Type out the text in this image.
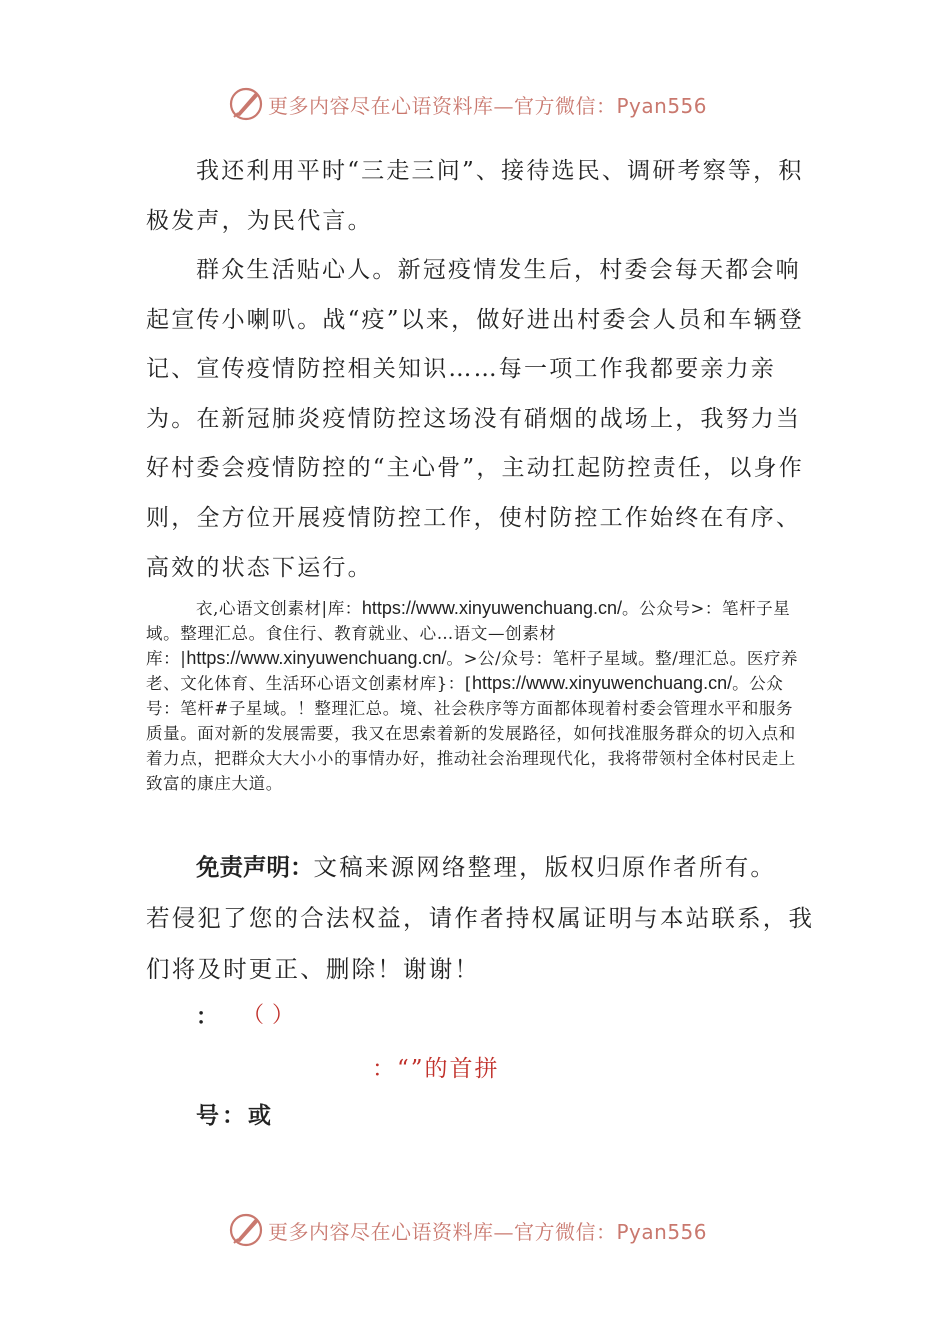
更多内容尽在心语资料库—官方微信：Pyan556

我还利用平时“三走三问”、接待选民、调研考察等，积极发声，为民代言。

群众生活贴心人。新冠疫情发生后，村委会每天都会响起宣传小喇叭。战“疫”以来，做好进出村委会人员和车辆登记、宣传疫情防控相关知识……每一项工作我都要亲力亲为。在新冠肺炎疫情防控这场没有硝烟的战场上，我努力当好村委会疫情防控的“主心骨”，主动扛起防控责任，以身作则，全方位开展疫情防控工作，使村防控工作始终在有序、高效的状态下运行。

衣,心语文创素材|库：https://www.xinyuwenchuang.cn/。公众号>：笔杆子星域。整理汇总。食住行、教育就业、心…语文—创素材库：|https://www.xinyuwenchuang.cn/。>公/众号：笔杆子星域。整/理汇总。医疗养老、文化体育、生活环心语文创素材库}：[https://www.xinyuwenchuang.cn/。公众号：笔杆#子星域。！整理汇总。境、社会秩序等方面都体现着村委会管理水平和服务质量。面对新的发展需要，我又在思索着新的发展路径，如何找准服务群众的切入点和着力点，把群众大大小小的事情办好，推动社会治理现代化，我将带领村全体村民走上致富的康庄大道。

免责声明：文稿来源网络整理，版权归原作者所有。
若侵犯了您的合法权益，请作者持权属证明与本站联系，我们将及时更正、删除！谢谢！

： （）
：“”的首拼
号：或
更多内容尽在心语资料库—官方微信：Pyan556
